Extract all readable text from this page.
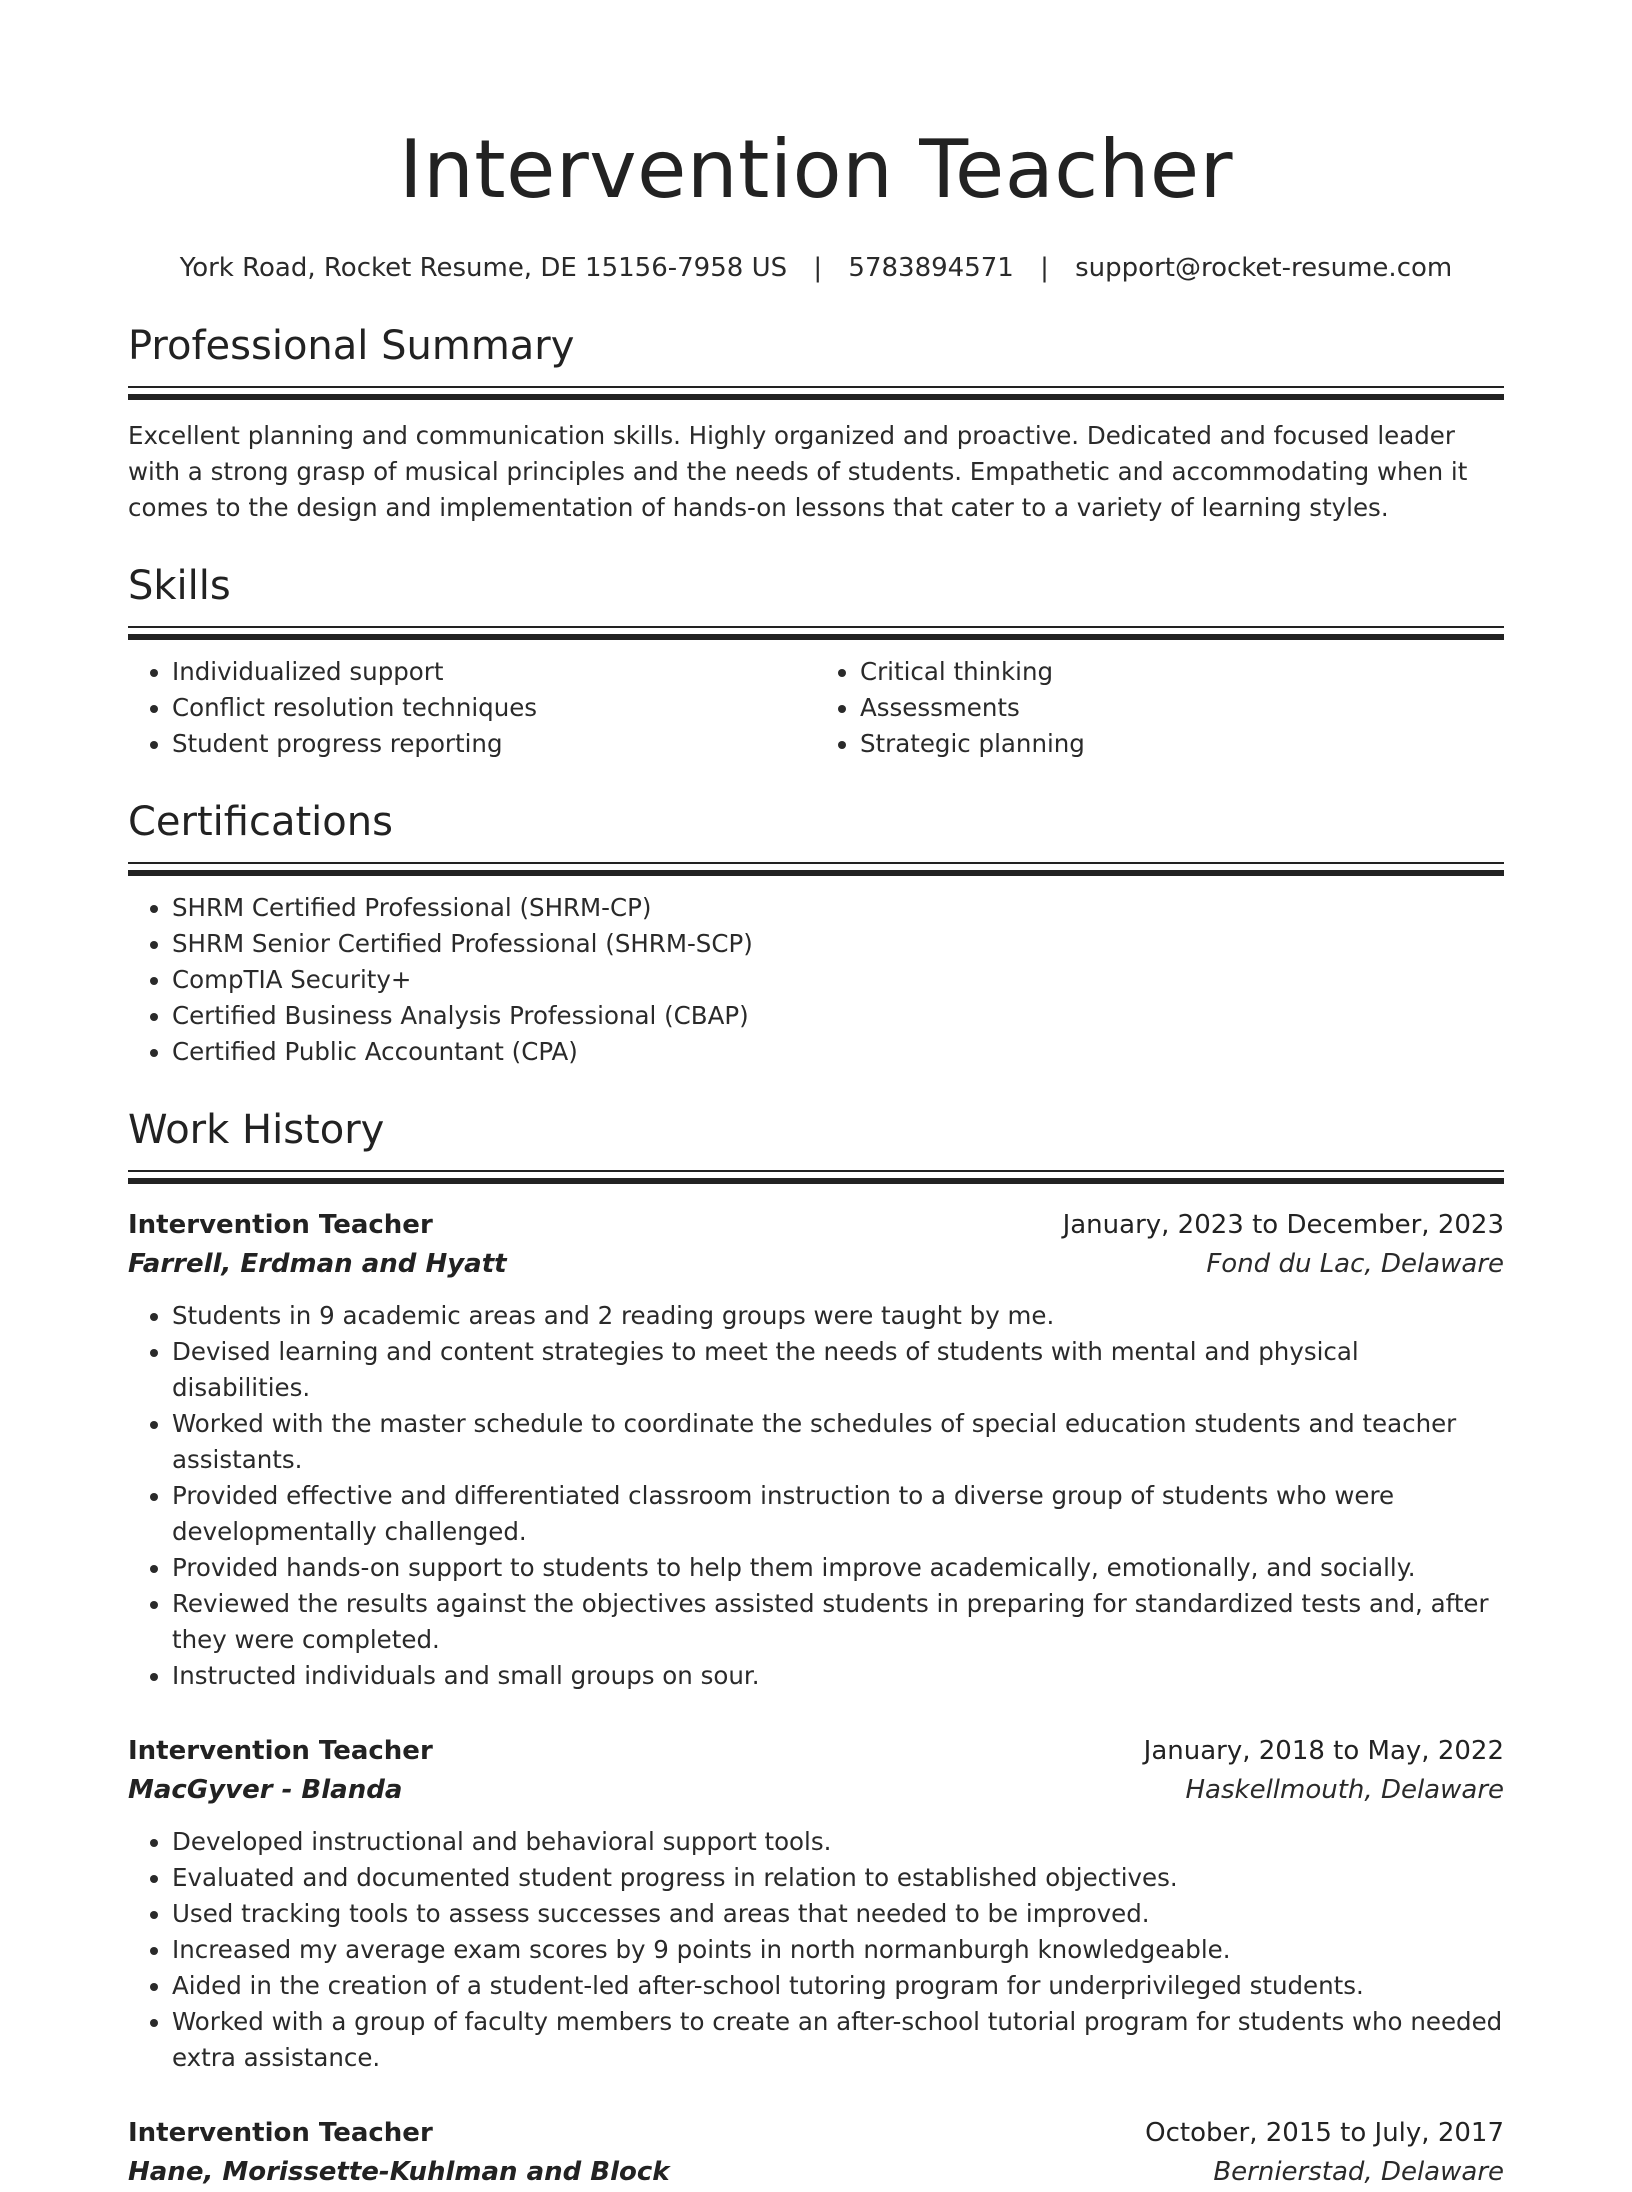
Intervention Teacher
York Road, Rocket Resume, DE 15156-7958 US | 5783894571 | support@rocket-resume.com
Professional Summary
Excellent planning and communication skills. Highly organized and proactive. Dedicated and focused leader with a strong grasp of musical principles and the needs of students. Empathetic and accommodating when it comes to the design and implementation of hands-on lessons that cater to a variety of learning styles.
Skills
• Individualized support
• Conflict resolution techniques
• Student progress reporting
• Critical thinking
• Assessments
• Strategic planning
Certifications
• SHRM Certified Professional (SHRM-CP)
• SHRM Senior Certified Professional (SHRM-SCP)
• CompTIA Security+
• Certified Business Analysis Professional (CBAP)
• Certified Public Accountant (CPA)
Work History
Intervention Teacher	January, 2023 to December, 2023
Farrell, Erdman and Hyatt	Fond du Lac, Delaware
• Students in 9 academic areas and 2 reading groups were taught by me.
• Devised learning and content strategies to meet the needs of students with mental and physical disabilities.
• Worked with the master schedule to coordinate the schedules of special education students and teacher assistants.
• Provided effective and differentiated classroom instruction to a diverse group of students who were developmentally challenged.
• Provided hands-on support to students to help them improve academically, emotionally, and socially.
• Reviewed the results against the objectives assisted students in preparing for standardized tests and, after they were completed.
• Instructed individuals and small groups on sour.
Intervention Teacher	January, 2018 to May, 2022
MacGyver - Blanda	Haskellmouth, Delaware
• Developed instructional and behavioral support tools.
• Evaluated and documented student progress in relation to established objectives.
• Used tracking tools to assess successes and areas that needed to be improved.
• Increased my average exam scores by 9 points in north normanburgh knowledgeable.
• Aided in the creation of a student-led after-school tutoring program for underprivileged students.
• Worked with a group of faculty members to create an after-school tutorial program for students who needed extra assistance.
Intervention Teacher	October, 2015 to July, 2017
Hane, Morissette-Kuhlman and Block	Bernierstad, Delaware
